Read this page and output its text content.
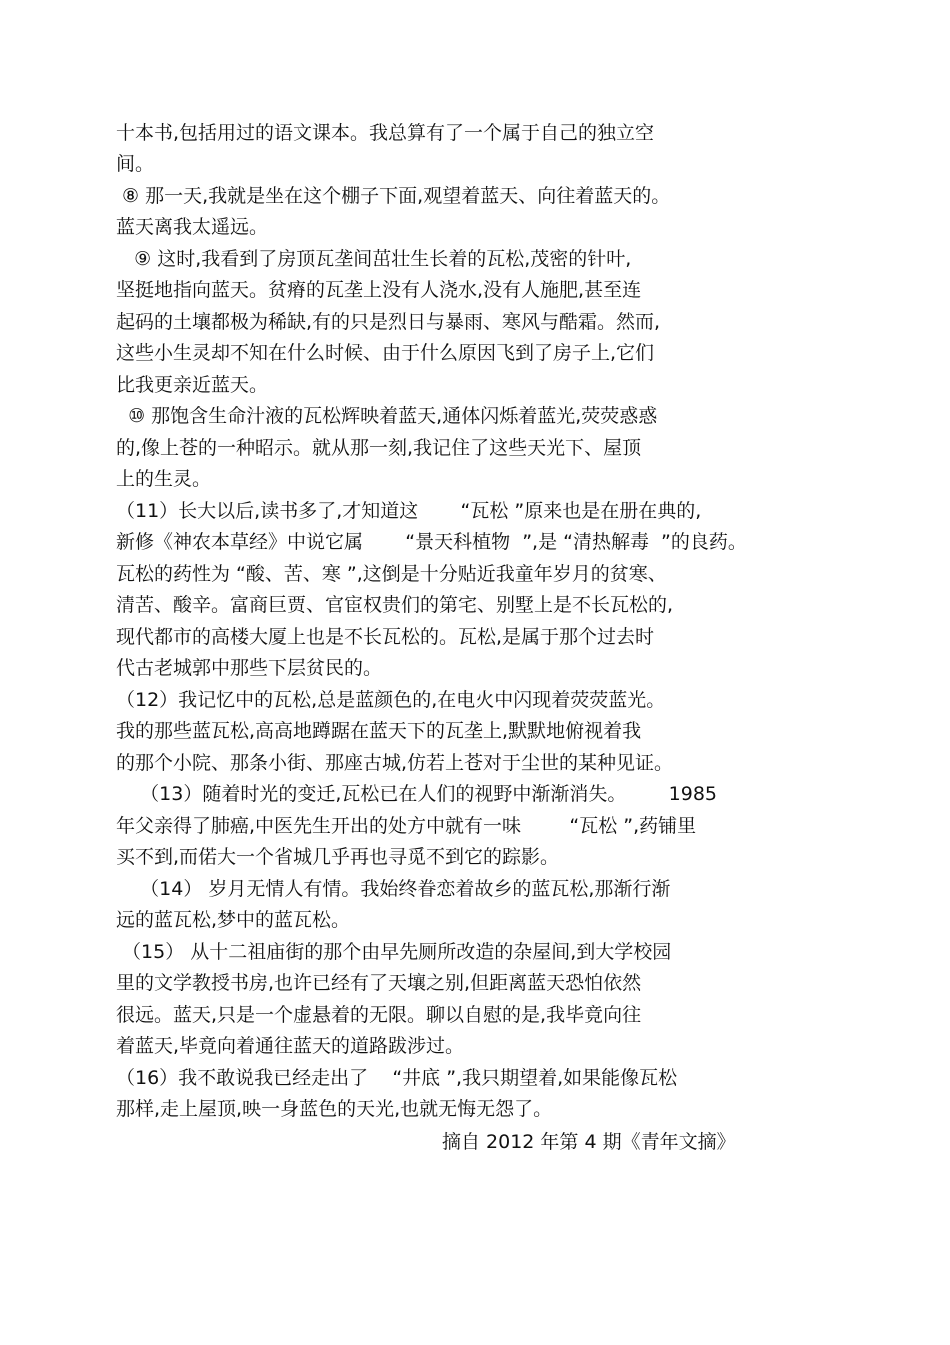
十本书,包括用过的语文课本。我总算有了一个属于自己的独立空
间。
⑧ 那一天,我就是坐在这个棚子下面,观望着蓝天、向往着蓝天的。
蓝天离我太遥远。
⑨ 这时,我看到了房顶瓦垄间茁壮生长着的瓦松,茂密的针叶,
坚挺地指向蓝天。贫瘠的瓦垄上没有人浇水,没有人施肥,甚至连
起码的土壤都极为稀缺,有的只是烈日与暴雨、寒风与酷霜。然而,
这些小生灵却不知在什么时候、由于什么原因飞到了房子上,它们
比我更亲近蓝天。
⑩ 那饱含生命汁液的瓦松辉映着蓝天,通体闪烁着蓝光,荧荧惑惑
的,像上苍的一种昭示。就从那一刻,我记住了这些天光下、屋顶
上的生灵。
（11）长大以后,读书多了,才知道这       “瓦松 ”原来也是在册在典的,
新修《神农本草经》中说它属       “景天科植物  ”,是 “清热解毒  ”的良药。
瓦松的药性为 “酸、苦、寒 ”,这倒是十分贴近我童年岁月的贫寒、
清苦、酸辛。富商巨贾、官宦权贵们的第宅、别墅上是不长瓦松的,
现代都市的高楼大厦上也是不长瓦松的。瓦松,是属于那个过去时
代古老城郭中那些下层贫民的。
（12）我记忆中的瓦松,总是蓝颜色的,在电火中闪现着荧荧蓝光。
我的那些蓝瓦松,高高地蹲踞在蓝天下的瓦垄上,默默地俯视着我
的那个小院、那条小街、那座古城,仿若上苍对于尘世的某种见证。
（13）随着时光的变迁,瓦松已在人们的视野中渐渐消失。       1985
年父亲得了肺癌,中医先生开出的处方中就有一味        “瓦松 ”,药铺里
买不到,而偌大一个省城几乎再也寻觅不到它的踪影。
（14） 岁月无情人有情。我始终眷恋着故乡的蓝瓦松,那渐行渐
远的蓝瓦松,梦中的蓝瓦松。
（15） 从十二祖庙街的那个由早先厕所改造的杂屋间,到大学校园
里的文学教授书房,也许已经有了天壤之别,但距离蓝天恐怕依然
很远。蓝天,只是一个虚悬着的无限。聊以自慰的是,我毕竟向往
着蓝天,毕竟向着通往蓝天的道路跋涉过。
（16）我不敢说我已经走出了    “井底 ”,我只期望着,如果能像瓦松
那样,走上屋顶,映一身蓝色的天光,也就无悔无怨了。
摘自 2012 年第 4 期《青年文摘》
